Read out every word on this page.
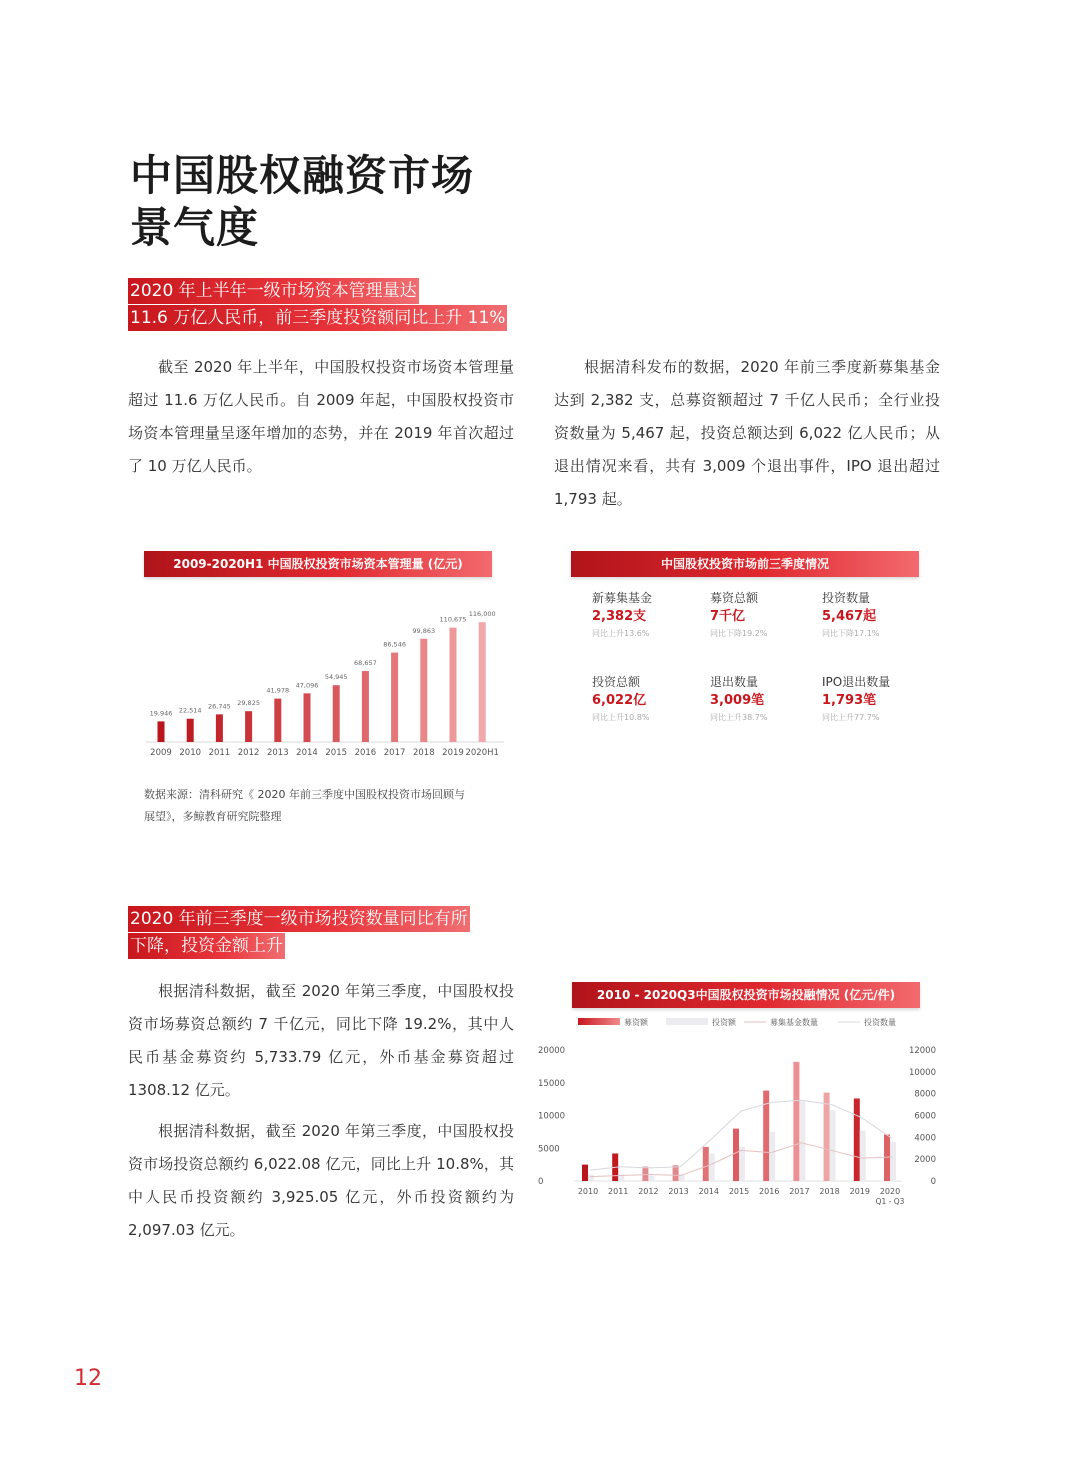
中国股权融资市场
景气度
2020 年上半年一级市场资本管理量达
11.6 万亿人民币，前三季度投资额同比上升 11%

截至 2020 年上半年，中国股权投资市场资本管理量超过 11.6 万亿人民币。自 2009 年起，中国股权投资市场资本管理量呈逐年增加的态势，并在 2019 年首次超过了 10 万亿人民币。

根据清科发布的数据，2020 年前三季度新募集基金达到 2,382 支，总募资额超过 7 千亿人民币；全行业投资数量为 5,467 起，投资总额达到 6,022 亿人民币；从退出情况来看，共有 3,009 个退出事件，IPO 退出超过 1,793 起。

2009-2020H1 中国股权投资市场资本管理量 (亿元)
19,946
2009
22,514
2010
26,745
2011
29,825
2012
41,978
2013
47,096
2014
54,945
2015
68,657
2016
86,546
2017
99,863
2018
110,675
2019
116,000
2020H1
数据来源：清科研究《 2020 年前三季度中国股权投资市场回顾与
展望》，多鲸教育研究院整理
中国股权投资市场前三季度情况
新募集基金
2,382支
同比上升13.6%
募资总额
7千亿
同比下降19.2%
投资数量
5,467起
同比下降17.1%
投资总额
6,022亿
同比上升10.8%
退出数量
3,009笔
同比上升38.7%
IPO退出数量
1,793笔
同比上升77.7%
2020 年前三季度一级市场投资数量同比有所
下降，投资金额上升

根据清科数据，截至 2020 年第三季度，中国股权投资市场募资总额约 7 千亿元，同比下降 19.2%，其中人民币基金募资约 5,733.79 亿元，外币基金募资超过 1308.12 亿元。

根据清科数据，截至 2020 年第三季度，中国股权投资市场投资总额约 6,022.08 亿元，同比上升 10.8%，其中人民币投资额约 3,925.05 亿元，外币投资额约为 2,097.03 亿元。

2010 - 2020Q3中国股权投资市场投融情况 (亿元/件)
募资额	投资额	募集基金数量	投资数量
20000
15000
10000
5000
0
12000
10000
8000
6000
4000
2000
0
2010 2011 2012 2013 2014 2015 2016 2017 2018 2019 2020
Q1 - Q3
12
